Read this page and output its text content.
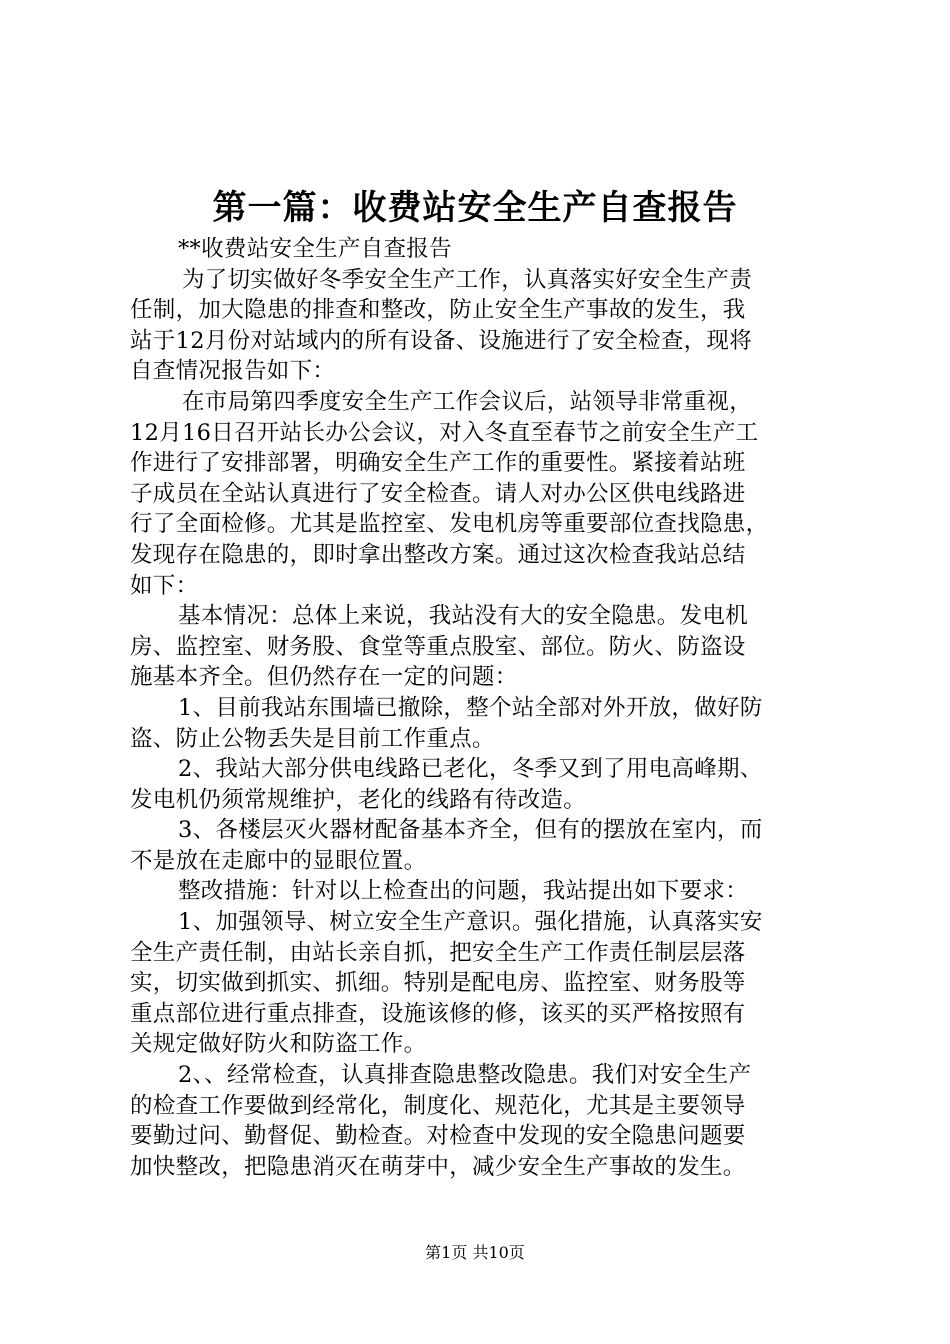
第一篇：收费站安全生产自查报告
**收费站安全生产自查报告
为了切实做好冬季安全生产工作，认真落实好安全生产责
任制，加大隐患的排查和整改，防止安全生产事故的发生，我
站于12月份对站域内的所有设备、设施进行了安全检查，现将
自查情况报告如下：
在市局第四季度安全生产工作会议后，站领导非常重视，
12月16日召开站长办公会议，对入冬直至春节之前安全生产工
作进行了安排部署，明确安全生产工作的重要性。紧接着站班
子成员在全站认真进行了安全检查。请人对办公区供电线路进
行了全面检修。尤其是监控室、发电机房等重要部位查找隐患，
发现存在隐患的，即时拿出整改方案。通过这次检查我站总结
如下：
基本情况：总体上来说，我站没有大的安全隐患。发电机
房、监控室、财务股、食堂等重点股室、部位。防火、防盗设
施基本齐全。但仍然存在一定的问题：
1、目前我站东围墙已撤除，整个站全部对外开放，做好防
盗、防止公物丢失是目前工作重点。
2、我站大部分供电线路已老化，冬季又到了用电高峰期、
发电机仍须常规维护，老化的线路有待改造。
3、各楼层灭火器材配备基本齐全，但有的摆放在室内，而
不是放在走廊中的显眼位置。
整改措施：针对以上检查出的问题，我站提出如下要求：
1、加强领导、树立安全生产意识。强化措施，认真落实安
全生产责任制，由站长亲自抓，把安全生产工作责任制层层落
实，切实做到抓实、抓细。特别是配电房、监控室、财务股等
重点部位进行重点排查，设施该修的修，该买的买严格按照有
关规定做好防火和防盗工作。
2、、经常检查，认真排查隐患整改隐患。我们对安全生产
的检查工作要做到经常化，制度化、规范化，尤其是主要领导
要勤过问、勤督促、勤检查。对检查中发现的安全隐患问题要
加快整改，把隐患消灭在萌芽中，减少安全生产事故的发生。
第1页 共10页
